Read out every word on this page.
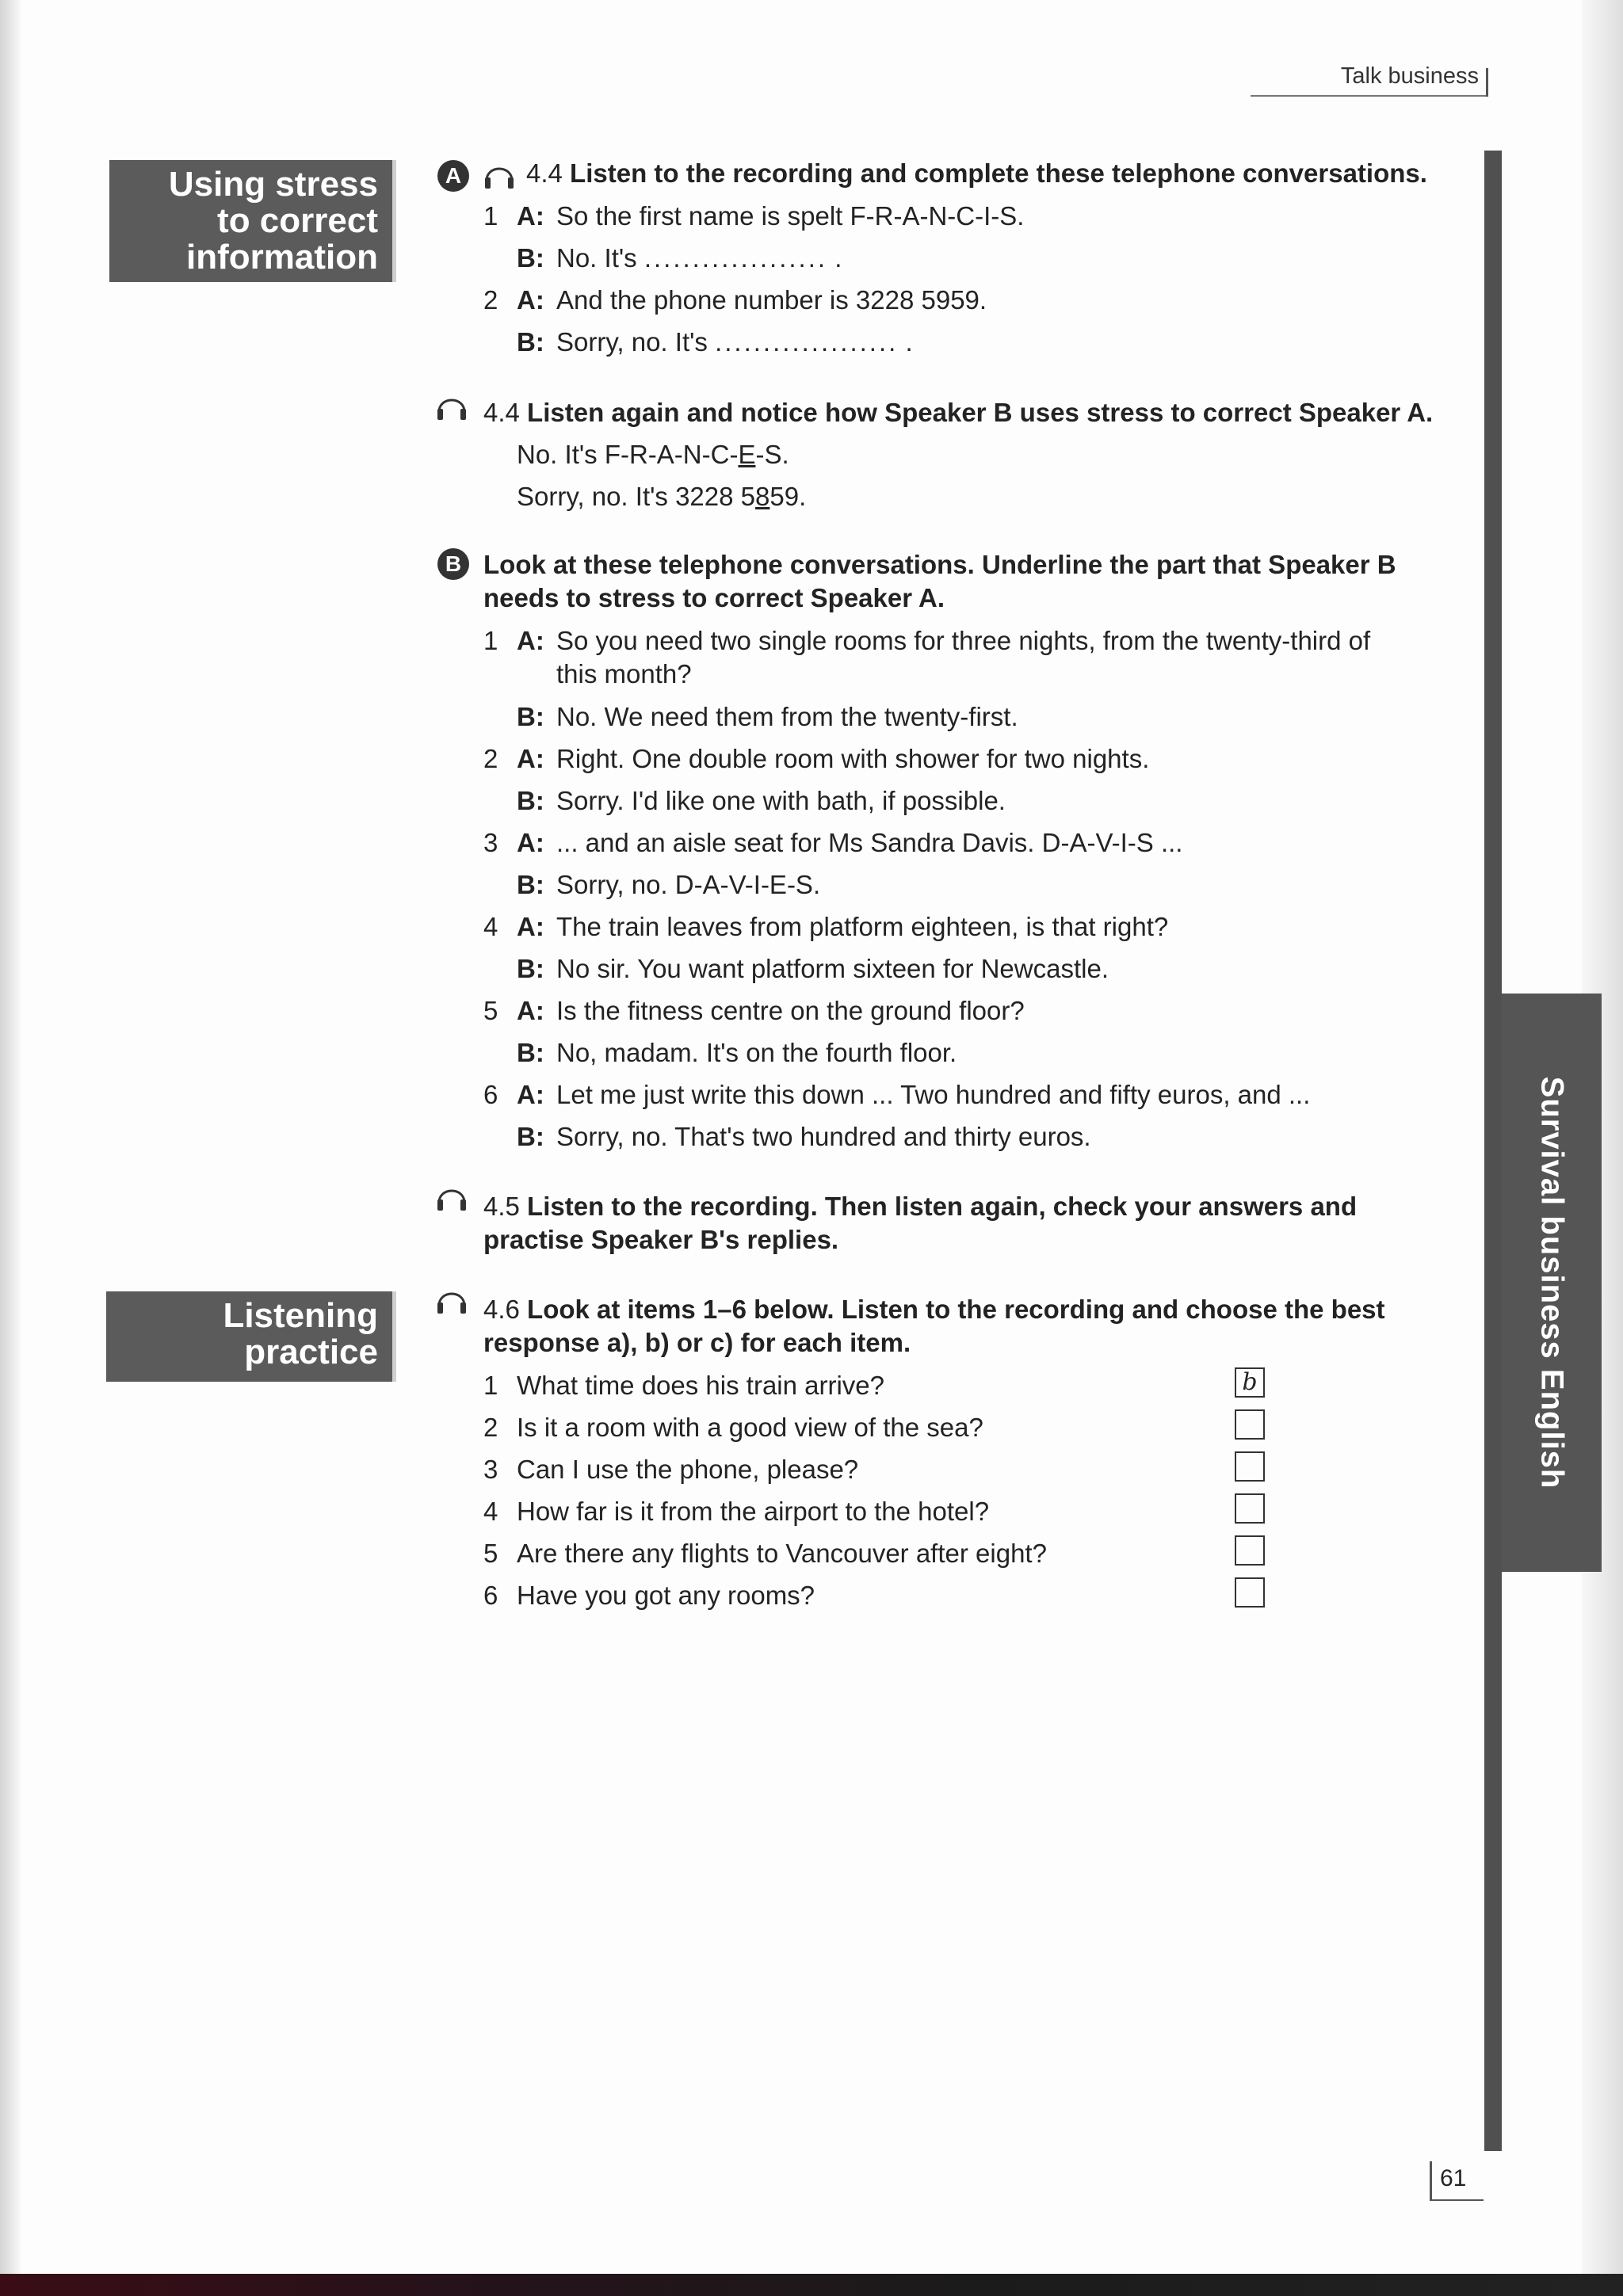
Talk business
Using stress
to correct
information
Listening
practice	Survival business English
A 4.4 Listen to the recording and complete these telephone conversations.
1 A: So the first name is spelt F-R-A-N-C-I-S.
B: No. It's ................... .
2 A: And the phone number is 3228 5959.
B: Sorry, no. It's ................... .
4.4 Listen again and notice how Speaker B uses stress to correct Speaker A.
No. It's F-R-A-N-C-E-S.
Sorry, no. It's 3228 5859.
B Look at these telephone conversations. Underline the part that Speaker B
needs to stress to correct Speaker A.
1 A: So you need two single rooms for three nights, from the twenty-third of
this month?
B: No. We need them from the twenty-first.
2 A: Right. One double room with shower for two nights.
B: Sorry. I'd like one with bath, if possible.
3 A: ... and an aisle seat for Ms Sandra Davis. D-A-V-I-S ...
B: Sorry, no. D-A-V-I-E-S.
4 A: The train leaves from platform eighteen, is that right?
B: No sir. You want platform sixteen for Newcastle.
5 A: Is the fitness centre on the ground floor?
B: No, madam. It's on the fourth floor.
6 A: Let me just write this down ... Two hundred and fifty euros, and ...
B: Sorry, no. That's two hundred and thirty euros.
4.5 Listen to the recording. Then listen again, check your answers and
practise Speaker B's replies.
4.6 Look at items 1–6 below. Listen to the recording and choose the best
response a), b) or c) for each item.
1 What time does his train arrive?	b
2 Is it a room with a good view of the sea?
3 Can I use the phone, please?
4 How far is it from the airport to the hotel?
5 Are there any flights to Vancouver after eight?
6 Have you got any rooms?
61
